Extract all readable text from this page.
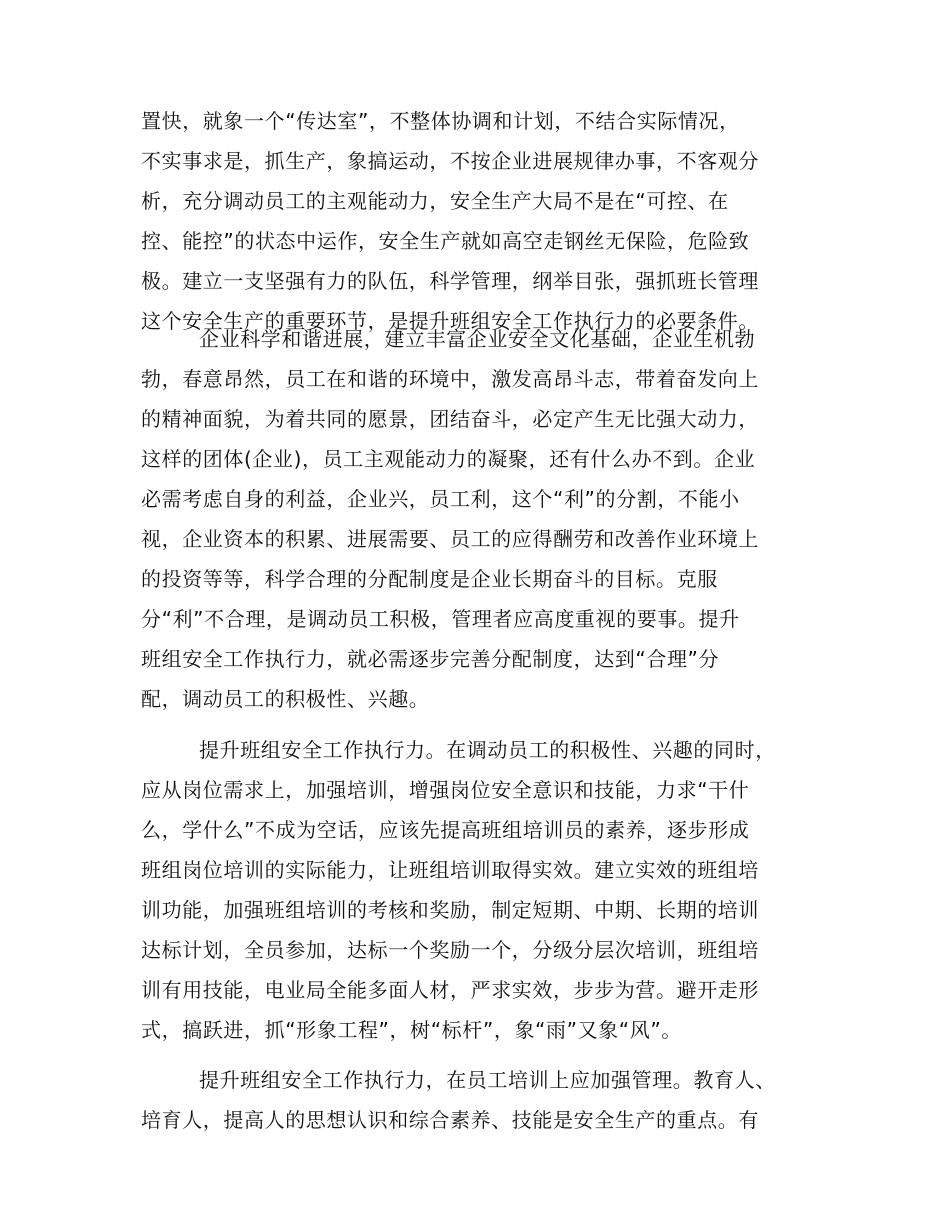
置快，就象一个“传达室”，不整体协调和计划，不结合实际情况，
不实事求是，抓生产，象搞运动，不按企业进展规律办事，不客观分
析，充分调动员工的主观能动力，安全生产大局不是在“可控、在
控、能控”的状态中运作，安全生产就如高空走钢丝无保险，危险致
极。建立一支坚强有力的队伍，科学管理，纲举目张，强抓班长管理
这个安全生产的重要环节，是提升班组安全工作执行力的必要条件。
企业科学和谐进展，建立丰富企业安全文化基础，企业生机勃
勃，春意昂然，员工在和谐的环境中，激发高昂斗志，带着奋发向上
的精神面貌，为着共同的愿景，团结奋斗，必定产生无比强大动力，
这样的团体(企业)，员工主观能动力的凝聚，还有什么办不到。企业
必需考虑自身的利益，企业兴，员工利，这个“利”的分割，不能小
视，企业资本的积累、进展需要、员工的应得酬劳和改善作业环境上
的投资等等，科学合理的分配制度是企业长期奋斗的目标。克服
分“利”不合理，是调动员工积极，管理者应高度重视的要事。提升
班组安全工作执行力，就必需逐步完善分配制度，达到“合理”分
配，调动员工的积极性、兴趣。
提升班组安全工作执行力。在调动员工的积极性、兴趣的同时，
应从岗位需求上，加强培训，增强岗位安全意识和技能，力求“干什
么，学什么”不成为空话，应该先提高班组培训员的素养，逐步形成
班组岗位培训的实际能力，让班组培训取得实效。建立实效的班组培
训功能，加强班组培训的考核和奖励，制定短期、中期、长期的培训
达标计划，全员参加，达标一个奖励一个，分级分层次培训，班组培
训有用技能，电业局全能多面人材，严求实效，步步为营。避开走形
式，搞跃进，抓“形象工程”，树“标杆”，象“雨”又象“风”。
提升班组安全工作执行力，在员工培训上应加强管理。教育人、
培育人，提高人的思想认识和综合素养、技能是安全生产的重点。有
